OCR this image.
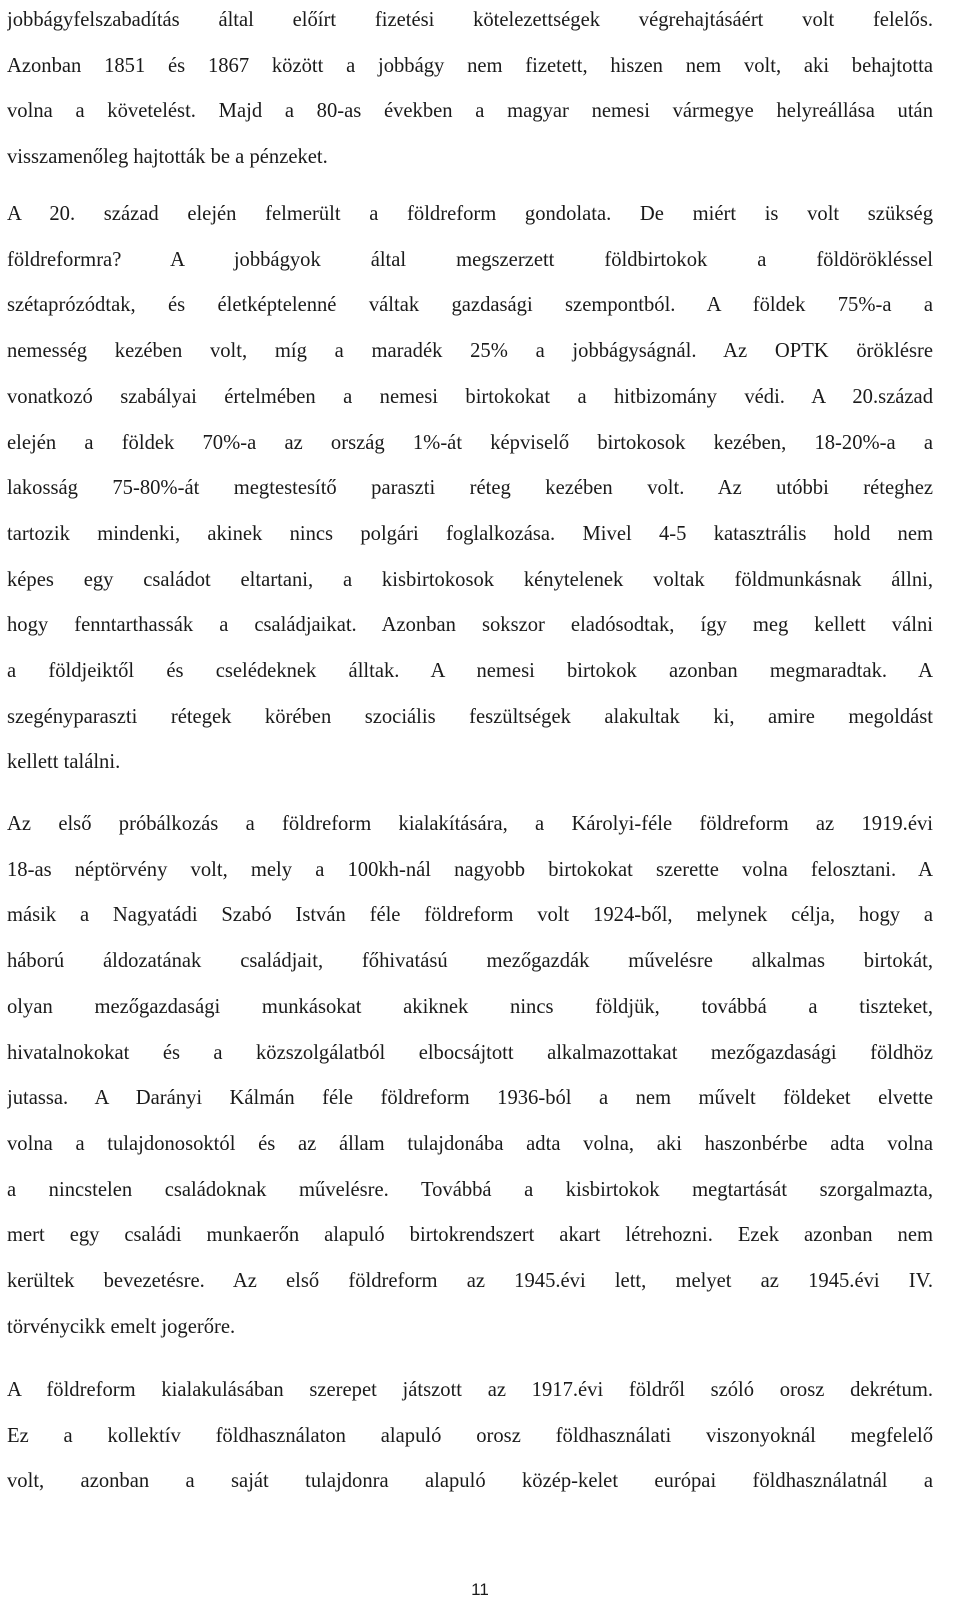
jobbágyfelszabadítás által előírt fizetési kötelezettségek végrehajtásáért volt felelős.
Azonban 1851 és 1867 között a jobbágy nem fizetett, hiszen nem volt, aki behajtotta
volna a követelést. Majd a 80-as években a magyar nemesi vármegye helyreállása után
visszamenőleg hajtották be a pénzeket.
A 20. század elején felmerült a földreform gondolata. De miért is volt szükség
földreformra? A jobbágyok által megszerzett földbirtokok a földörökléssel
szétaprózódtak, és életképtelenné váltak gazdasági szempontból. A földek 75%-a a
nemesség kezében volt, míg a maradék 25% a jobbágyságnál. Az OPTK öröklésre
vonatkozó szabályai értelmében a nemesi birtokokat a hitbizomány védi. A 20.század
elején a földek 70%-a az ország 1%-át képviselő birtokosok kezében, 18-20%-a a
lakosság 75-80%-át megtestesítő paraszti réteg kezében volt. Az utóbbi réteghez
tartozik mindenki, akinek nincs polgári foglalkozása. Mivel 4-5 katasztrális hold nem
képes egy családot eltartani, a kisbirtokosok kénytelenek voltak földmunkásnak állni,
hogy fenntarthassák a családjaikat. Azonban sokszor eladósodtak, így meg kellett válni
a földjeiktől és cselédeknek álltak. A nemesi birtokok azonban megmaradtak. A
szegényparaszti rétegek körében szociális feszültségek alakultak ki, amire megoldást
kellett találni.
Az első próbálkozás a földreform kialakítására, a Károlyi-féle földreform az 1919.évi
18-as néptörvény volt, mely a 100kh-nál nagyobb birtokokat szerette volna felosztani. A
másik a Nagyatádi Szabó István féle földreform volt 1924-ből, melynek célja, hogy a
háború áldozatának családjait, főhivatású mezőgazdák művelésre alkalmas birtokát,
olyan mezőgazdasági munkásokat akiknek nincs földjük, továbbá a tiszteket,
hivatalnokokat és a közszolgálatból elbocsájtott alkalmazottakat mezőgazdasági földhöz
jutassa. A Darányi Kálmán féle földreform 1936-ból a nem művelt földeket elvette
volna a tulajdonosoktól és az állam tulajdonába adta volna, aki haszonbérbe adta volna
a nincstelen családoknak művelésre. Továbbá a kisbirtokok megtartását szorgalmazta,
mert egy családi munkaerőn alapuló birtokrendszert akart létrehozni. Ezek azonban nem
kerültek bevezetésre. Az első földreform az 1945.évi lett, melyet az 1945.évi IV.
törvénycikk emelt jogerőre.
A földreform kialakulásában szerepet játszott az 1917.évi földről szóló orosz dekrétum.
Ez a kollektív földhasználaton alapuló orosz földhasználati viszonyoknál megfelelő
volt, azonban a saját tulajdonra alapuló közép-kelet európai földhasználatnál a
11
